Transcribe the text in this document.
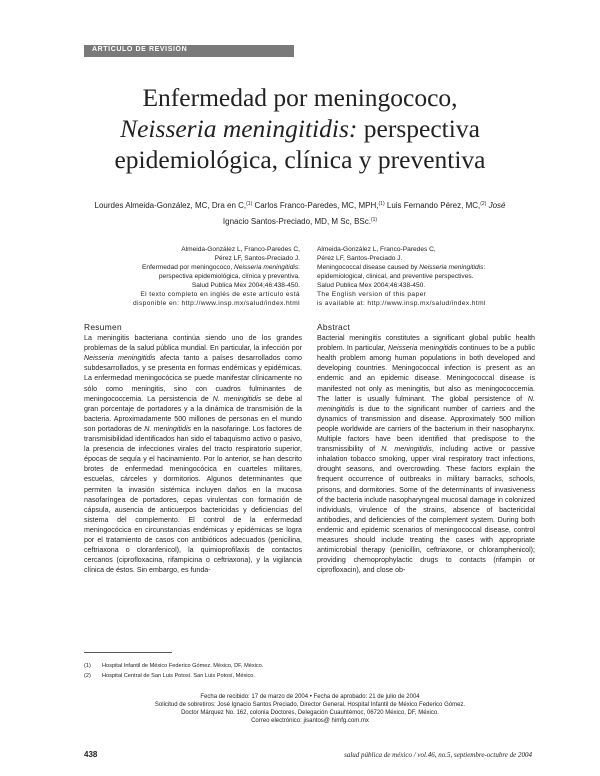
ARTÍCULO DE REVISIÓN
Enfermedad por meningococo,
Neisseria meningitidis: perspectiva
epidemiológica, clínica y preventiva
Lourdes Almeida-González, MC, Dra en C,$^{(1)}$ Carlos Franco-Paredes, MC, MPH,$^{(1)}$ Luis Fernando Pérez, MC,$^{(2)}$ José
Ignacio Santos-Preciado, MD, M Sc, BSc.$^{(1)}$
Almeida-González L, Franco-Paredes C,
Pérez LF, Santos-Preciado J.
Enfermedad por meningococo, Neisseria meningitidis:
perspectiva epidemiológica, clínica y preventiva.
Salud Publica Mex 2004;46:438-450.
El texto completo en inglés de este artículo está
disponible en: http://www.insp.mx/salud/index.html
Almeida-González L, Franco-Paredes C,
Pérez LF, Santos-Preciado J.
Meningococcal disease caused by Neisseria meningitidis:
epidemiological, clinical, and preventive perspectives.
Salud Publica Mex 2004;46:438-450.
The English version of this paper
is available at: http://www.insp.mx/salud/index.html
Resumen

La meningitis bacteriana continúa siendo uno de los grandes problemas de la salud pública mundial. En particular, la infección por Neisseria meningitidis afecta tanto a países desarrollados como subdesarrollados, y se presenta en formas endémicas y epidémicas. La enfermedad meningocócica se puede manifestar clínicamente no sólo como meningitis, sino con cuadros fulminantes de meningococcemia. La persistencia de N. meningitidis se debe al gran porcentaje de portadores y a la dinámica de transmisión de la bacteria. Aproximadamente 500 millones de personas en el mundo son portadoras de N. meningitidis en la nasofaringe. Los factores de transmisibilidad identificados han sido el tabaquismo activo o pasivo, la presencia de infecciones virales del tracto respiratorio superior, épocas de sequía y el hacinamiento. Por lo anterior, se han descrito brotes de enfermedad meningocócica en cuarteles militares, escuelas, cárceles y dormitorios. Algunos determinantes que permiten la invasión sistémica incluyen daños en la mucosa nasofaríngea de portadores, cepas virulentas con formación de cápsula, ausencia de anticuerpos bactericidas y deficiencias del sistema del complemento. El control de la enfermedad meningocócica en circunstancias endémicas y epidémicas se logra por el tratamiento de casos con antibióticos adecuados (penicilina, ceftriaxona o cloranfenicol), la quimioprofilaxis de contactos cercanos (ciprofloxacina, rifampicina o ceftriaxona), y la vigilancia clínica de éstos. Sin embargo, es funda-

Abstract

Bacterial meningitis constitutes a significant global public health problem. In particular, Neisseria meningitidis continues to be a public health problem among human populations in both developed and developing countries. Meningococcal infection is present as an endemic and an epidemic disease. Meningococcal disease is manifested not only as meningitis, but also as meningococcemia. The latter is usually fulminant. The global persistence of N. meningitidis is due to the significant number of carriers and the dynamics of transmission and disease. Approximately 500 million people worldwide are carriers of the bacterium in their nasopharynx. Multiple factors have been identified that predispose to the transmissibility of N. meningitidis, including active or passive inhalation tobacco smoking, upper viral respiratory tract infections, drought seasons, and overcrowding. These factors explain the frequent occurrence of outbreaks in military barracks, schools, prisons, and dormitories. Some of the determinants of invasiveness of the bacteria include nasopharyngeal mucosal damage in colonized individuals, virulence of the strains, absence of bactericidal antibodies, and deficiencies of the complement system. During both endemic and epidemic scenarios of meningococcal disease, control measures should include treating the cases with appropriate antimicrobial therapy (penicillin, ceftriaxone, or chloramphenicol); providing chemoprophylactic drugs to contacts (rifampin or ciprofloxacin), and close ob-

(1) Hospital Infantil de México Federico Gómez. México, DF, México.
(2) Hospital Central de San Luis Potosí. San Luis Potosí, México.
Fecha de recibido: 17 de marzo de 2004 • Fecha de aprobado: 21 de julio de 2004
Solicitud de sobretiros: José Ignacio Santos Preciado, Director General. Hospital Infantil de México Federico Gómez.
Doctor Márquez No. 162, colonia Doctores, Delegación Cuauhtémoc, 06720 México, DF, México.
Correo electrónico: jisantos@ himfg.com.mx
438	salud pública de méxico / vol.46, no.5, septiembre-octubre de 2004
